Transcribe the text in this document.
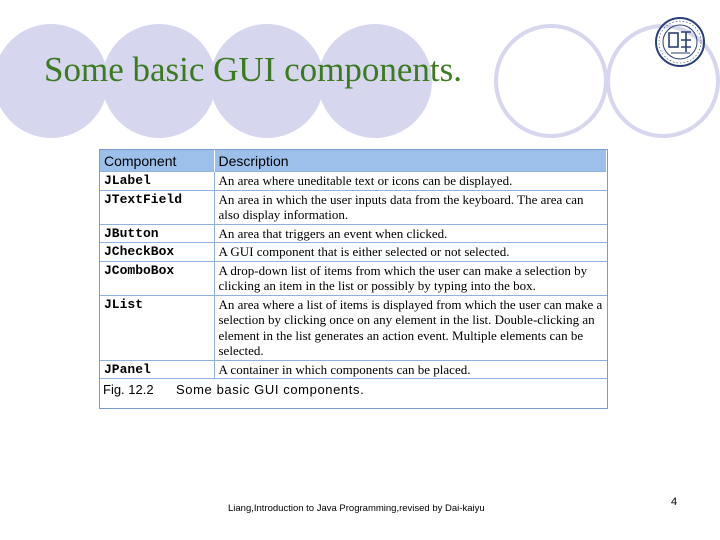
Some basic GUI components.
Component	Description
JLabel	An area where uneditable text or icons can be displayed.
JTextField	An area in which the user inputs data from the keyboard. The area can also display information.
JButton	An area that triggers an event when clicked.
JCheckBox	A GUI component that is either selected or not selected.
JComboBox	A drop-down list of items from which the user can make a selection by clicking an item in the list or possibly by typing into the box.
JList	An area where a list of items is displayed from which the user can make a selection by clicking once on any element in the list. Double-clicking an element in the list generates an action event. Multiple elements can be selected.
JPanel	A container in which components can be placed.
Fig. 12.2 Some basic GUI components.
Liang,Introduction to Java Programming,revised by Dai-kaiyu
4
